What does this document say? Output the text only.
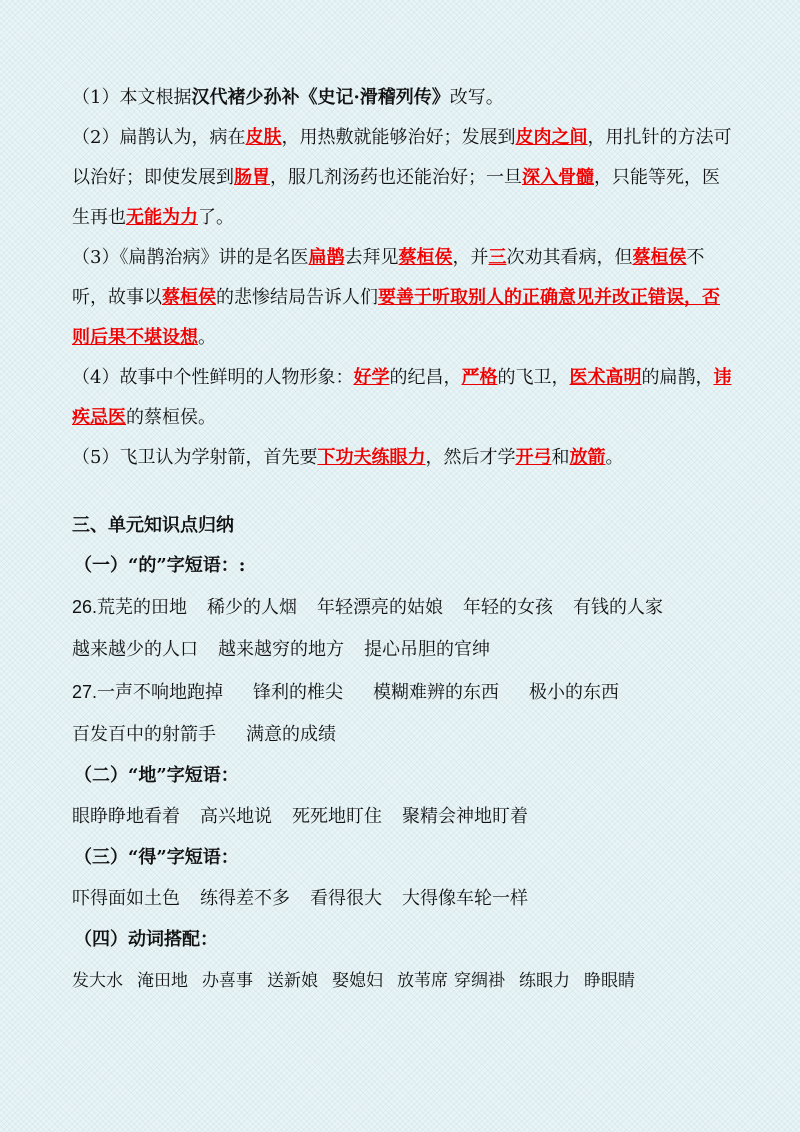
（1）本文根据汉代褚少孙补《史记·滑稽列传》改写。

（2）扁鹊认为，病在皮肤，用热敷就能够治好；发展到皮肉之间，用扎针的方法可以治好；即使发展到肠胃，服几剂汤药也还能治好；一旦深入骨髓，只能等死，医生再也无能为力了。

（3）《扁鹊治病》讲的是名医扁鹊去拜见蔡桓侯，并三次劝其看病，但蔡桓侯不听，故事以蔡桓侯的悲惨结局告诉人们要善于听取别人的正确意见并改正错误，否则后果不堪设想。

（4）故事中个性鲜明的人物形象：好学的纪昌，严格的飞卫，医术高明的扁鹊，讳疾忌医的蔡桓侯。

（5）飞卫认为学射箭，首先要下功夫练眼力，然后才学开弓和放箭。

三、单元知识点归纳
（一）“的”字短语：:
26.荒芜的田地 稀少的人烟 年轻漂亮的姑娘 年轻的女孩 有钱的人家
越来越少的人口 越来越穷的地方 提心吊胆的官绅
27.一声不响地跑掉 锋利的椎尖 模糊难辨的东西 极小的东西
百发百中的射箭手 满意的成绩
（二）“地”字短语：
眼睁睁地看着 高兴地说 死死地盯住 聚精会神地盯着
（三）“得”字短语：
吓得面如土色 练得差不多 看得很大 大得像车轮一样
（四）动词搭配：
发大水 淹田地 办喜事 送新娘 娶媳妇 放苇席 穿绸褂 练眼力 睁眼睛
